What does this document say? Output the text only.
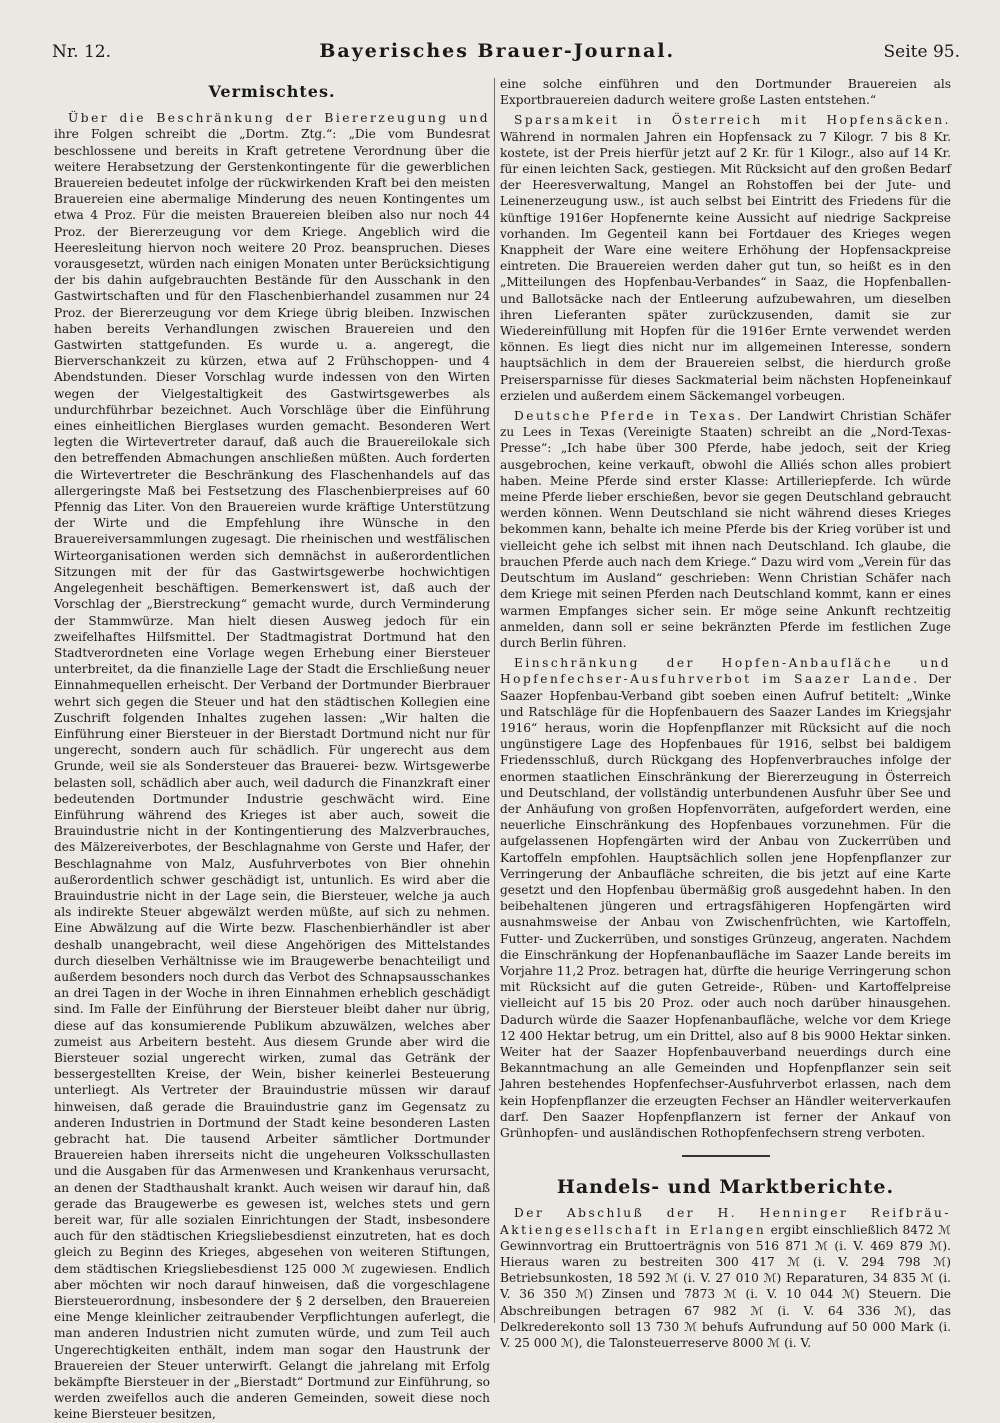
Nr. 12.	Bayerisches Brauer-Journal.	Seite 95.
Vermischtes.

Über die Beschränkung der Biererzeugung und ihre Folgen schreibt die „Dortm. Ztg.“: „Die vom Bundesrat beschlossene und bereits in Kraft getretene Verordnung über die weitere Herabsetzung der Gerstenkontingente für die gewerblichen Brauereien bedeutet infolge der rückwirkenden Kraft bei den meisten Brauereien eine abermalige Minderung des neuen Kontingentes um etwa 4 Proz. Für die meisten Brauereien bleiben also nur noch 44 Proz. der Biererzeugung vor dem Kriege. Angeblich wird die Heeresleitung hiervon noch weitere 20 Proz. beanspruchen. Dieses vorausgesetzt, würden nach einigen Monaten unter Berücksichtigung der bis dahin aufgebrauchten Bestände für den Ausschank in den Gastwirtschaften und für den Flaschenbierhandel zusammen nur 24 Proz. der Biererzeugung vor dem Kriege übrig bleiben. Inzwischen haben bereits Verhandlungen zwischen Brauereien und den Gastwirten stattgefunden. Es wurde u. a. angeregt, die Bierverschankzeit zu kürzen, etwa auf 2 Frühschoppen- und 4 Abendstunden. Dieser Vorschlag wurde indessen von den Wirten wegen der Vielgestaltigkeit des Gastwirtsgewerbes als undurchführbar bezeichnet. Auch Vorschläge über die Einführung eines einheitlichen Bierglases wurden gemacht. Besonderen Wert legten die Wirtevertreter darauf, daß auch die Brauereilokale sich den betreffenden Abmachungen anschließen müßten. Auch forderten die Wirtevertreter die Beschränkung des Flaschenhandels auf das allergeringste Maß bei Festsetzung des Flaschenbierpreises auf 60 Pfennig das Liter. Von den Brauereien wurde kräftige Unterstützung der Wirte und die Empfehlung ihre Wünsche in den Brauereiversammlungen zugesagt. Die rheinischen und westfälischen Wirteorganisationen werden sich demnächst in außerordentlichen Sitzungen mit der für das Gastwirtsgewerbe hochwichtigen Angelegenheit beschäftigen. Bemerkenswert ist, daß auch der Vorschlag der „Bierstreckung“ gemacht wurde, durch Verminderung der Stammwürze. Man hielt diesen Ausweg jedoch für ein zweifelhaftes Hilfsmittel. Der Stadtmagistrat Dortmund hat den Stadtverordneten eine Vorlage wegen Erhebung einer Biersteuer unterbreitet, da die finanzielle Lage der Stadt die Erschließung neuer Einnahmequellen erheischt. Der Verband der Dortmunder Bierbrauer wehrt sich gegen die Steuer und hat den städtischen Kollegien eine Zuschrift folgenden Inhaltes zugehen lassen: „Wir halten die Einführung einer Biersteuer in der Bierstadt Dortmund nicht nur für ungerecht, sondern auch für schädlich. Für ungerecht aus dem Grunde, weil sie als Sondersteuer das Brauerei- bezw. Wirtsgewerbe belasten soll, schädlich aber auch, weil dadurch die Finanzkraft einer bedeutenden Dortmunder Industrie geschwächt wird. Eine Einführung während des Krieges ist aber auch, soweit die Brauindustrie nicht in der Kontingentierung des Malzverbrauches, des Mälzereiverbotes, der Beschlagnahme von Gerste und Hafer, der Beschlagnahme von Malz, Ausfuhrverbotes von Bier ohnehin außerordentlich schwer geschädigt ist, untunlich. Es wird aber die Brauindustrie nicht in der Lage sein, die Biersteuer, welche ja auch als indirekte Steuer abgewälzt werden müßte, auf sich zu nehmen. Eine Abwälzung auf die Wirte bezw. Flaschenbierhändler ist aber deshalb unangebracht, weil diese Angehörigen des Mittelstandes durch dieselben Verhältnisse wie im Braugewerbe benachteiligt und außerdem besonders noch durch das Verbot des Schnapsausschankes an drei Tagen in der Woche in ihren Einnahmen erheblich geschädigt sind. Im Falle der Einführung der Biersteuer bleibt daher nur übrig, diese auf das konsumierende Publikum abzuwälzen, welches aber zumeist aus Arbeitern besteht. Aus diesem Grunde aber wird die Biersteuer sozial ungerecht wirken, zumal das Getränk der bessergestellten Kreise, der Wein, bisher keinerlei Besteuerung unterliegt. Als Vertreter der Brauindustrie müssen wir darauf hinweisen, daß gerade die Brauindustrie ganz im Gegensatz zu anderen Industrien in Dortmund der Stadt keine besonderen Lasten gebracht hat. Die tausend Arbeiter sämtlicher Dortmunder Brauereien haben ihrerseits nicht die ungeheuren Volksschullasten und die Ausgaben für das Armenwesen und Krankenhaus verursacht, an denen der Stadthaushalt krankt. Auch weisen wir darauf hin, daß gerade das Braugewerbe es gewesen ist, welches stets und gern bereit war, für alle sozialen Einrichtungen der Stadt, insbesondere auch für den städtischen Kriegsliebesdienst einzutreten, hat es doch gleich zu Beginn des Krieges, abgesehen von weiteren Stiftungen, dem städtischen Kriegsliebesdienst 125 000 ℳ zugewiesen. Endlich aber möchten wir noch darauf hinweisen, daß die vorgeschlagene Biersteuerordnung, insbesondere der § 2 derselben, den Brauereien eine Menge kleinlicher zeitraubender Verpflichtungen auferlegt, die man anderen Industrien nicht zumuten würde, und zum Teil auch Ungerechtigkeiten enthält, indem man sogar den Haustrunk der Brauereien der Steuer unterwirft. Gelangt die jahrelang mit Erfolg bekämpfte Biersteuer in der „Bierstadt“ Dortmund zur Einführung, so werden zweifellos auch die anderen Gemeinden, soweit diese noch keine Biersteuer besitzen,

eine solche einführen und den Dortmunder Brauereien als Exportbrauereien dadurch weitere große Lasten entstehen.“

Sparsamkeit in Österreich mit Hopfensäcken. Während in normalen Jahren ein Hopfensack zu 7 Kilogr. 7 bis 8 Kr. kostete, ist der Preis hierfür jetzt auf 2 Kr. für 1 Kilogr., also auf 14 Kr. für einen leichten Sack, gestiegen. Mit Rücksicht auf den großen Bedarf der Heeresverwaltung, Mangel an Rohstoffen bei der Jute- und Leinenerzeugung usw., ist auch selbst bei Eintritt des Friedens für die künftige 1916er Hopfenernte keine Aussicht auf niedrige Sackpreise vorhanden. Im Gegenteil kann bei Fortdauer des Krieges wegen Knappheit der Ware eine weitere Erhöhung der Hopfensackpreise eintreten. Die Brauereien werden daher gut tun, so heißt es in den „Mitteilungen des Hopfenbau-Verbandes“ in Saaz, die Hopfenballen- und Ballotsäcke nach der Entleerung aufzubewahren, um dieselben ihren Lieferanten später zurückzusenden, damit sie zur Wiedereinfüllung mit Hopfen für die 1916er Ernte verwendet werden können. Es liegt dies nicht nur im allgemeinen Interesse, sondern hauptsächlich in dem der Brauereien selbst, die hierdurch große Preisersparnisse für dieses Sackmaterial beim nächsten Hopfeneinkauf erzielen und außerdem einem Säckemangel vorbeugen.

Deutsche Pferde in Texas. Der Landwirt Christian Schäfer zu Lees in Texas (Vereinigte Staaten) schreibt an die „Nord-Texas-Presse“: „Ich habe über 300 Pferde, habe jedoch, seit der Krieg ausgebrochen, keine verkauft, obwohl die Alliés schon alles probiert haben. Meine Pferde sind erster Klasse: Artilleriepferde. Ich würde meine Pferde lieber erschießen, bevor sie gegen Deutschland gebraucht werden können. Wenn Deutschland sie nicht während dieses Krieges bekommen kann, behalte ich meine Pferde bis der Krieg vorüber ist und vielleicht gehe ich selbst mit ihnen nach Deutschland. Ich glaube, die brauchen Pferde auch nach dem Kriege.“ Dazu wird vom „Verein für das Deutschtum im Ausland“ geschrieben: Wenn Christian Schäfer nach dem Kriege mit seinen Pferden nach Deutschland kommt, kann er eines warmen Empfanges sicher sein. Er möge seine Ankunft rechtzeitig anmelden, dann soll er seine bekränzten Pferde im festlichen Zuge durch Berlin führen.

Einschränkung der Hopfen-Anbaufläche und Hopfenfechser-Ausfuhrverbot im Saazer Lande. Der Saazer Hopfenbau-Verband gibt soeben einen Aufruf betitelt: „Winke und Ratschläge für die Hopfenbauern des Saazer Landes im Kriegsjahr 1916“ heraus, worin die Hopfenpflanzer mit Rücksicht auf die noch ungünstigere Lage des Hopfenbaues für 1916, selbst bei baldigem Friedensschluß, durch Rückgang des Hopfenverbrauches infolge der enormen staatlichen Einschränkung der Biererzeugung in Österreich und Deutschland, der vollständig unterbundenen Ausfuhr über See und der Anhäufung von großen Hopfenvorräten, aufgefordert werden, eine neuerliche Einschränkung des Hopfenbaues vorzunehmen. Für die aufgelassenen Hopfengärten wird der Anbau von Zuckerrüben und Kartoffeln empfohlen. Hauptsächlich sollen jene Hopfenpflanzer zur Verringerung der Anbaufläche schreiten, die bis jetzt auf eine Karte gesetzt und den Hopfenbau übermäßig groß ausgedehnt haben. In den beibehaltenen jüngeren und ertragsfähigeren Hopfengärten wird ausnahmsweise der Anbau von Zwischenfrüchten, wie Kartoffeln, Futter- und Zuckerrüben, und sonstiges Grünzeug, angeraten. Nachdem die Einschränkung der Hopfenanbaufläche im Saazer Lande bereits im Vorjahre 11,2 Proz. betragen hat, dürfte die heurige Verringerung schon mit Rücksicht auf die guten Getreide-, Rüben- und Kartoffelpreise vielleicht auf 15 bis 20 Proz. oder auch noch darüber hinausgehen. Dadurch würde die Saazer Hopfenanbaufläche, welche vor dem Kriege 12 400 Hektar betrug, um ein Drittel, also auf 8 bis 9000 Hektar sinken. Weiter hat der Saazer Hopfenbauverband neuerdings durch eine Bekanntmachung an alle Gemeinden und Hopfenpflanzer sein seit Jahren bestehendes Hopfenfechser-Ausfuhrverbot erlassen, nach dem kein Hopfenpflanzer die erzeugten Fechser an Händler weiterverkaufen darf. Den Saazer Hopfenpflanzern ist ferner der Ankauf von Grünhopfen- und ausländischen Rothopfenfechsern streng verboten.

Handels- und Marktberichte.

Der Abschluß der H. Henninger Reifbräu-Aktiengesellschaft in Erlangen ergibt einschließlich 8472 ℳ Gewinnvortrag ein Bruttoerträgnis von 516 871 ℳ (i. V. 469 879 ℳ). Hieraus waren zu bestreiten 300 417 ℳ (i. V. 294 798 ℳ) Betriebsunkosten, 18 592 ℳ (i. V. 27 010 ℳ) Reparaturen, 34 835 ℳ (i. V. 36 350 ℳ) Zinsen und 7873 ℳ (i. V. 10 044 ℳ) Steuern. Die Abschreibungen betragen 67 982 ℳ (i. V. 64 336 ℳ), das Delkrederekonto soll 13 730 ℳ behufs Aufrundung auf 50 000 Mark (i. V. 25 000 ℳ), die Talonsteuerreserve 8000 ℳ (i. V.
